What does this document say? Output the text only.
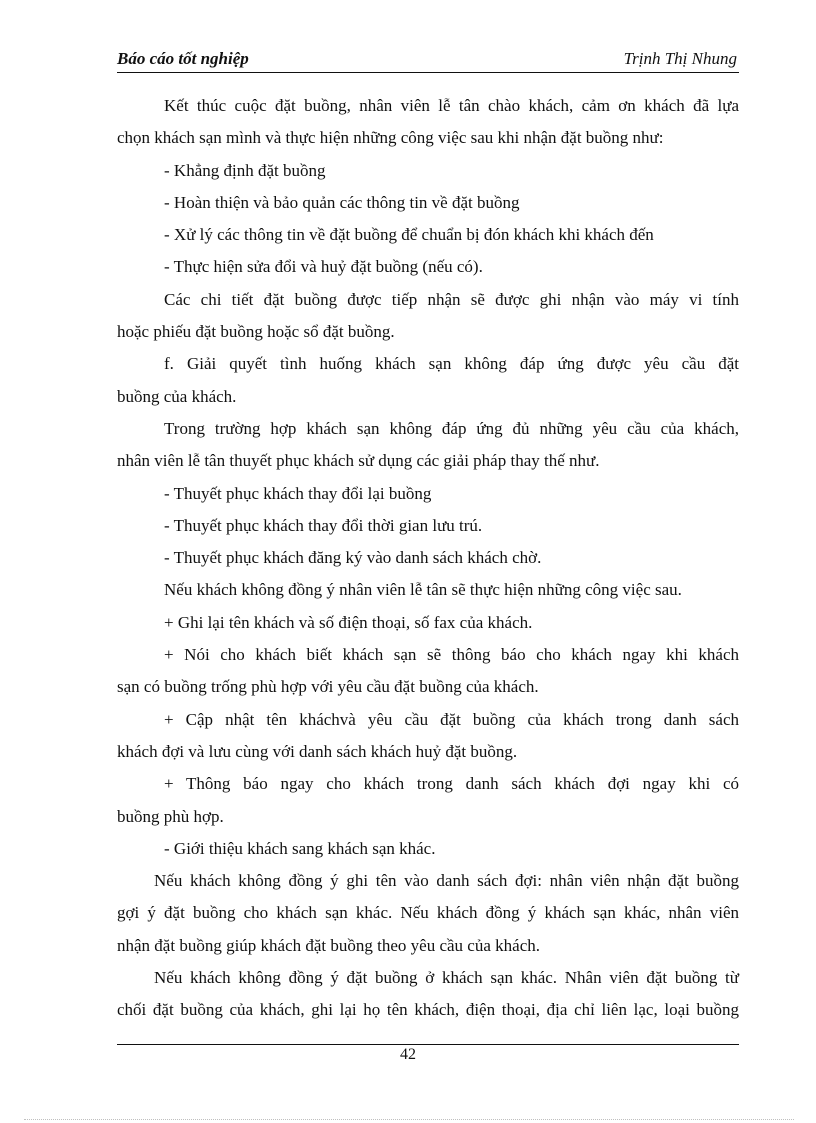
Báo cáo tốt nghiệp	Trịnh Thị Nhung
Kết thúc cuộc đặt buồng, nhân viên lễ tân chào khách, cảm ơn khách đã lựa
chọn khách sạn mình và thực hiện những công việc sau khi nhận đặt buồng như:
- Khẳng định đặt buồng
- Hoàn thiện và bảo quản các thông tin về đặt buồng
- Xử lý các thông tin về đặt buồng để chuẩn bị đón khách khi khách đến
- Thực hiện sửa đổi và huỷ đặt buồng (nếu có).
Các chi tiết đặt buồng được tiếp nhận sẽ được ghi nhận vào máy vi tính
hoặc phiếu đặt buồng hoặc sổ đặt buồng.
f. Giải quyết tình huống khách sạn không đáp ứng được yêu cầu đặt
buồng của khách.
Trong trường hợp khách sạn không đáp ứng đủ những yêu cầu của khách,
nhân viên lễ tân thuyết phục khách sử dụng các giải pháp thay thế như.
- Thuyết phục khách thay đổi lại buồng
- Thuyết phục khách thay đổi thời gian lưu trú.
- Thuyết phục khách đăng ký vào danh sách khách chờ.
Nếu khách không đồng ý nhân viên lễ tân sẽ thực hiện những công việc sau.
+ Ghi lại tên khách và số điện thoại, số fax của khách.
+ Nói cho khách biết khách sạn sẽ thông báo cho khách ngay khi khách
sạn có buồng trống phù hợp với yêu cầu đặt buồng của khách.
+ Cập nhật tên kháchvà yêu cầu đặt buồng của khách trong danh sách
khách đợi và lưu cùng với danh sách khách huỷ đặt buồng.
+ Thông báo ngay cho khách trong danh sách khách đợi ngay khi có
buồng phù hợp.
- Giới thiệu khách sang khách sạn khác.
Nếu khách không đồng ý ghi tên vào danh sách đợi: nhân viên nhận đặt buồng
gợi ý đặt buồng cho khách sạn khác. Nếu khách đồng ý khách sạn khác, nhân viên
nhận đặt buồng giúp khách đặt buồng theo yêu cầu của khách.
Nếu khách không đồng ý đặt buồng ở khách sạn khác. Nhân viên đặt buồng từ
chối đặt buồng của khách, ghi lại họ tên khách, điện thoại, địa chỉ liên lạc, loại buồng
42
